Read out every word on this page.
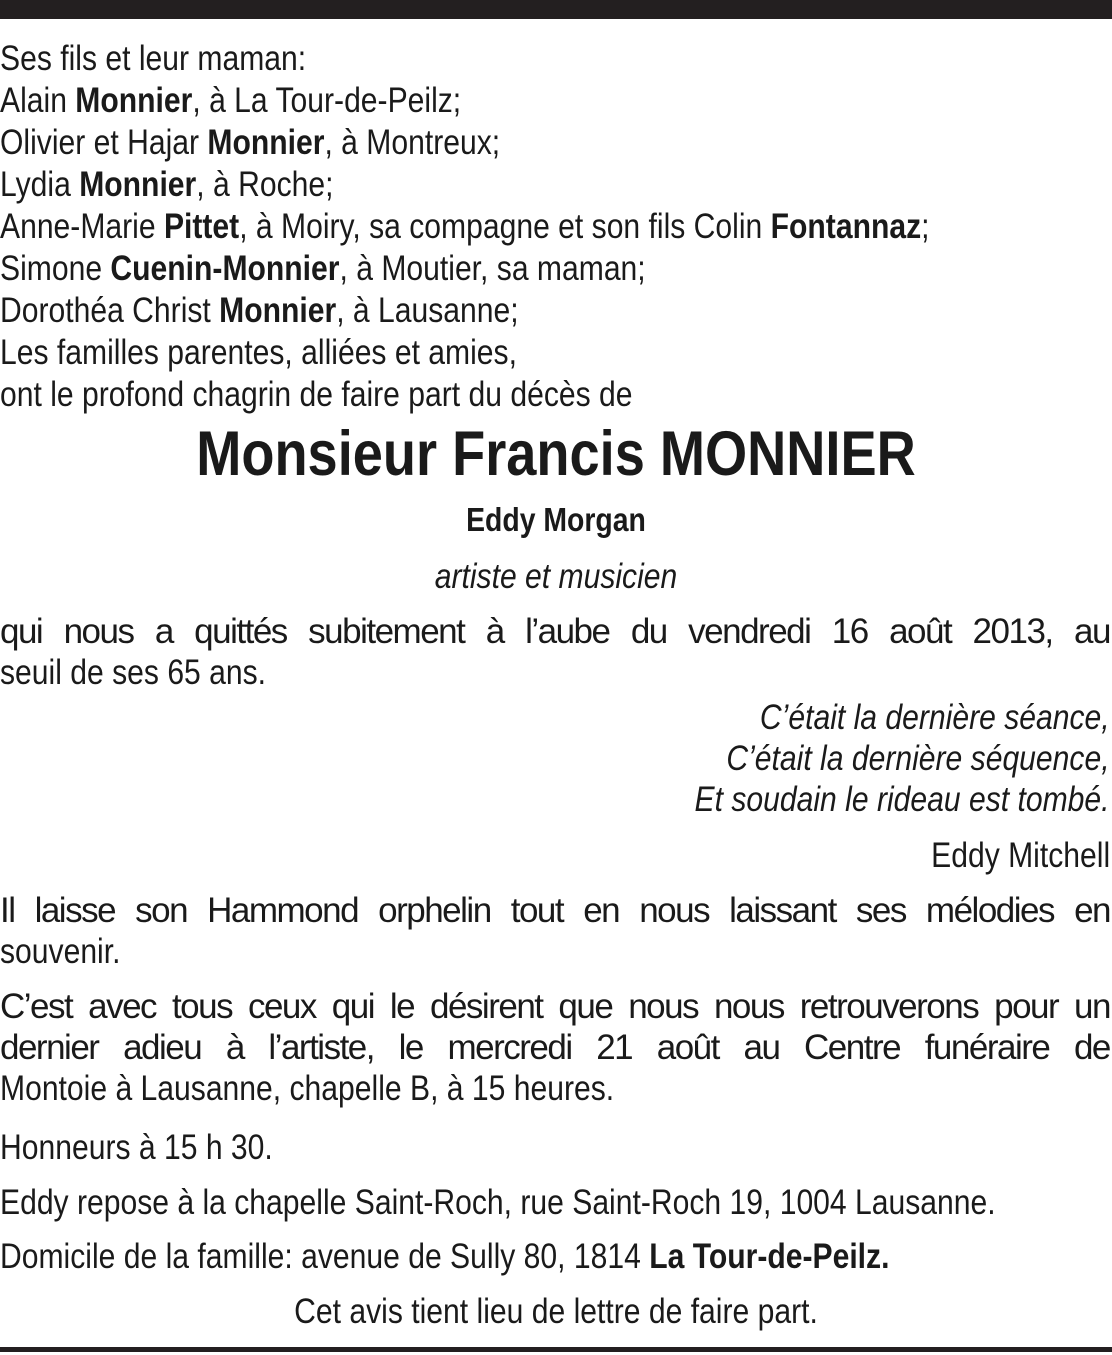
Ses fils et leur maman:
Alain Monnier, à La Tour-de-Peilz;
Olivier et Hajar Monnier, à Montreux;
Lydia Monnier, à Roche;
Anne-Marie Pittet, à Moiry, sa compagne et son fils Colin Fontannaz;
Simone Cuenin-Monnier, à Moutier, sa maman;
Dorothéa Christ Monnier, à Lausanne;
Les familles parentes, alliées et amies,
ont le profond chagrin de faire part du décès de
Monsieur Francis MONNIER
Eddy Morgan
artiste et musicien
qui nous a quittés subitement à l’aube du vendredi 16 août 2013, au
seuil de ses 65 ans.
C’était la dernière séance,
C’était la dernière séquence,
Et soudain le rideau est tombé.
Eddy Mitchell
Il laisse son Hammond orphelin tout en nous laissant ses mélodies en
souvenir.
C’est avec tous ceux qui le désirent que nous nous retrouverons pour un
dernier adieu à l’artiste, le mercredi 21 août au Centre funéraire de
Montoie à Lausanne, chapelle B, à 15 heures.
Honneurs à 15 h 30.
Eddy repose à la chapelle Saint-Roch, rue Saint-Roch 19, 1004 Lausanne.
Domicile de la famille: avenue de Sully 80, 1814 La Tour-de-Peilz.
Cet avis tient lieu de lettre de faire part.
